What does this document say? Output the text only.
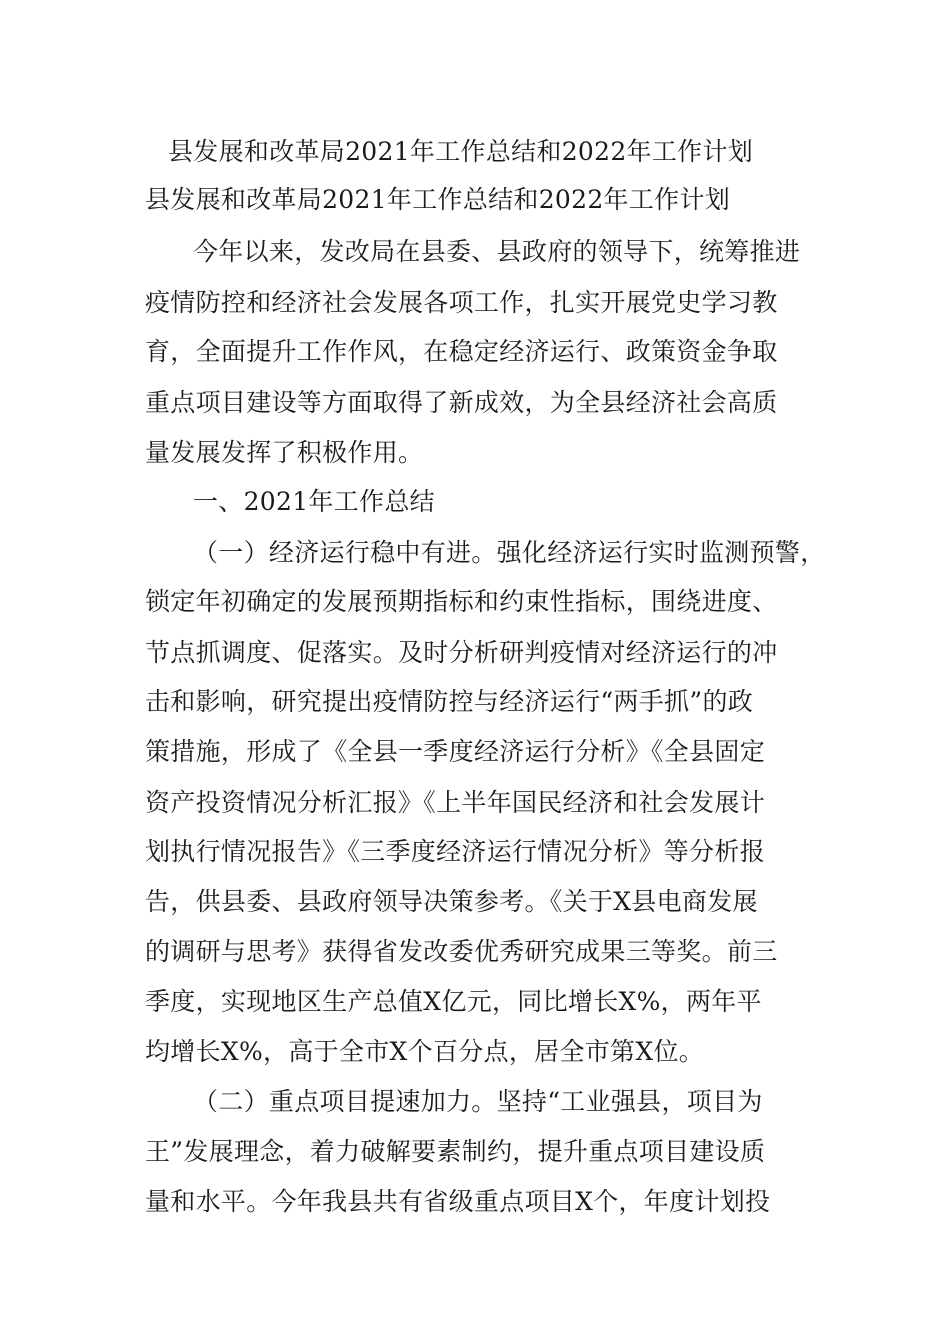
县发展和改革局2021年工作总结和2022年工作计划
县发展和改革局2021年工作总结和2022年工作计划
今年以来，发改局在县委、县政府的领导下，统筹推进
疫情防控和经济社会发展各项工作，扎实开展党史学习教
育，全面提升工作作风，在稳定经济运行、政策资金争取
重点项目建设等方面取得了新成效，为全县经济社会高质
量发展发挥了积极作用。
一、2021年工作总结
（一）经济运行稳中有进。强化经济运行实时监测预警，
锁定年初确定的发展预期指标和约束性指标，围绕进度、
节点抓调度、促落实。及时分析研判疫情对经济运行的冲
击和影响，研究提出疫情防控与经济运行“两手抓”的政
策措施，形成了《全县一季度经济运行分析》《全县固定
资产投资情况分析汇报》《上半年国民经济和社会发展计
划执行情况报告》《三季度经济运行情况分析》等分析报
告，供县委、县政府领导决策参考。《关于X县电商发展
的调研与思考》获得省发改委优秀研究成果三等奖。前三
季度，实现地区生产总值X亿元，同比增长X%，两年平
均增长X%，高于全市X个百分点，居全市第X位。
（二）重点项目提速加力。坚持“工业强县，项目为
王”发展理念，着力破解要素制约，提升重点项目建设质
量和水平。今年我县共有省级重点项目X个，年度计划投
